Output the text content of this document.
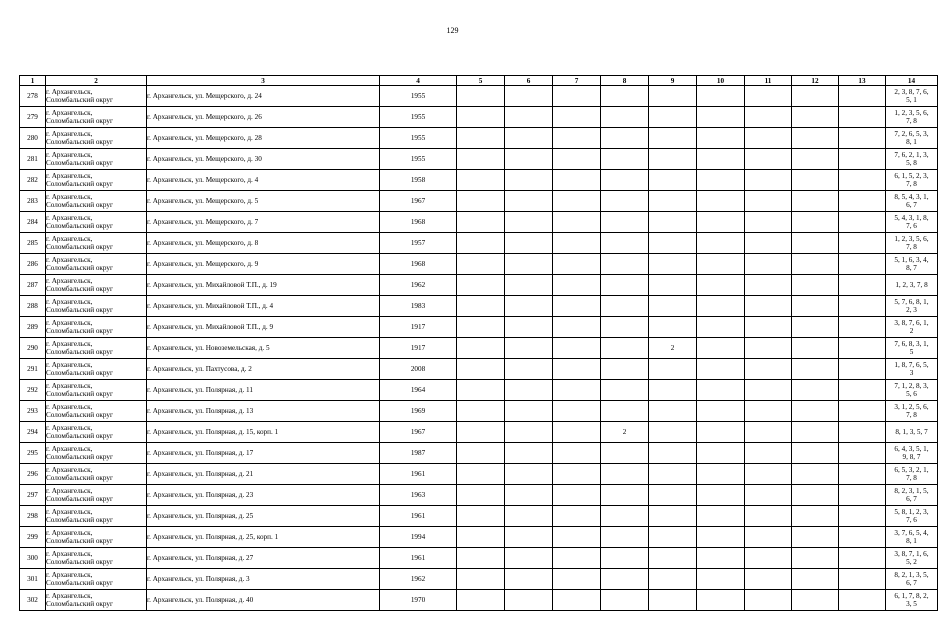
129
1	2	3	4	5	6	7	8	9	10	11	12	13	14
278	г. Архангельск,
Соломбальский округ	г. Архангельск, ул. Мещерского, д. 24	1955										2, 3, 8, 7, 6,
5, 1
279	г. Архангельск,
Соломбальский округ	г. Архангельск, ул. Мещерского, д. 26	1955										1, 2, 3, 5, 6,
7, 8
280	г. Архангельск,
Соломбальский округ	г. Архангельск, ул. Мещерского, д. 28	1955										7, 2, 6, 5, 3,
8, 1
281	г. Архангельск,
Соломбальский округ	г. Архангельск, ул. Мещерского, д. 30	1955										7, 6, 2, 1, 3,
5, 8
282	г. Архангельск,
Соломбальский округ	г. Архангельск, ул. Мещерского, д. 4	1958										6, 1, 5, 2, 3,
7, 8
283	г. Архангельск,
Соломбальский округ	г. Архангельск, ул. Мещерского, д. 5	1967										8, 5, 4, 3, 1,
6, 7
284	г. Архангельск,
Соломбальский округ	г. Архангельск, ул. Мещерского, д. 7	1968										5, 4, 3, 1, 8,
7, 6
285	г. Архангельск,
Соломбальский округ	г. Архангельск, ул. Мещерского, д. 8	1957										1, 2, 3, 5, 6,
7, 8
286	г. Архангельск,
Соломбальский округ	г. Архангельск, ул. Мещерского, д. 9	1968										5, 1, 6, 3, 4,
8, 7
287	г. Архангельск,
Соломбальский округ	г. Архангельск, ул. Михайловой Т.П., д. 19	1962										1, 2, 3, 7, 8
288	г. Архангельск,
Соломбальский округ	г. Архангельск, ул. Михайловой Т.П., д. 4	1983										5, 7, 6, 8, 1,
2, 3
289	г. Архангельск,
Соломбальский округ	г. Архангельск, ул. Михайловой Т.П., д. 9	1917										3, 8, 7, 6, 1,
2
290	г. Архангельск,
Соломбальский округ	г. Архангельск, ул. Новоземельская, д. 5	1917					2					7, 6, 8, 3, 1,
5
291	г. Архангельск,
Соломбальский округ	г. Архангельск, ул. Пахтусова, д. 2	2008										1, 8, 7, 6, 5,
3
292	г. Архангельск,
Соломбальский округ	г. Архангельск, ул. Полярная, д. 11	1964										7, 1, 2, 8, 3,
5, 6
293	г. Архангельск,
Соломбальский округ	г. Архангельск, ул. Полярная, д. 13	1969										3, 1, 2, 5, 6,
7, 8
294	г. Архангельск,
Соломбальский округ	г. Архангельск, ул. Полярная, д. 15, корп. 1	1967				2						8, 1, 3, 5, 7
295	г. Архангельск,
Соломбальский округ	г. Архангельск, ул. Полярная, д. 17	1987										6, 4, 3, 5, 1,
9, 8, 7
296	г. Архангельск,
Соломбальский округ	г. Архангельск, ул. Полярная, д. 21	1961										6, 5, 3, 2, 1,
7, 8
297	г. Архангельск,
Соломбальский округ	г. Архангельск, ул. Полярная, д. 23	1963										8, 2, 3, 1, 5,
6, 7
298	г. Архангельск,
Соломбальский округ	г. Архангельск, ул. Полярная, д. 25	1961										5, 8, 1, 2, 3,
7, 6
299	г. Архангельск,
Соломбальский округ	г. Архангельск, ул. Полярная, д. 25, корп. 1	1994										3, 7, 6, 5, 4,
8, 1
300	г. Архангельск,
Соломбальский округ	г. Архангельск, ул. Полярная, д. 27	1961										3, 8, 7, 1, 6,
5, 2
301	г. Архангельск,
Соломбальский округ	г. Архангельск, ул. Полярная, д. 3	1962										8, 2, 1, 3, 5,
6, 7
302	г. Архангельск,
Соломбальский округ	г. Архангельск, ул. Полярная, д. 40	1970										6, 1, 7, 8, 2,
3, 5
